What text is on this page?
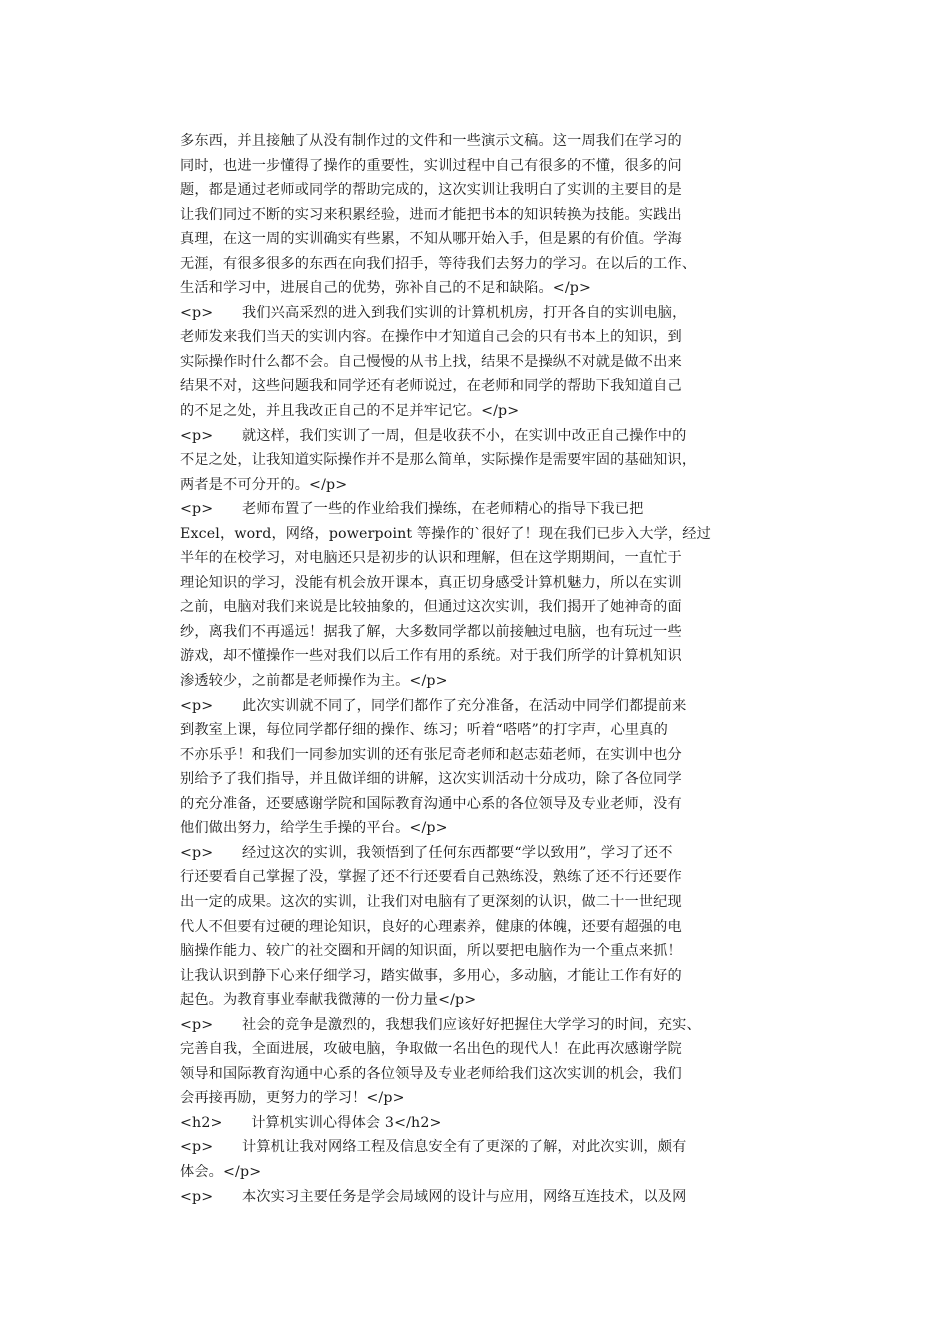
多东西，并且接触了从没有制作过的文件和一些演示文稿。这一周我们在学习的
同时，也进一步懂得了操作的重要性，实训过程中自己有很多的不懂，很多的问
题，都是通过老师或同学的帮助完成的，这次实训让我明白了实训的主要目的是
让我们同过不断的实习来积累经验，进而才能把书本的知识转换为技能。实践出
真理，在这一周的实训确实有些累，不知从哪开始入手，但是累的有价值。学海
无涯，有很多很多的东西在向我们招手，等待我们去努力的学习。在以后的工作、
生活和学习中，进展自己的优势，弥补自己的不足和缺陷。</p>
<p>　　我们兴高采烈的进入到我们实训的计算机机房，打开各自的实训电脑，
老师发来我们当天的实训内容。在操作中才知道自己会的只有书本上的知识，到
实际操作时什么都不会。自己慢慢的从书上找，结果不是操纵不对就是做不出来
结果不对，这些问题我和同学还有老师说过，在老师和同学的帮助下我知道自己
的不足之处，并且我改正自己的不足并牢记它。</p>
<p>　　就这样，我们实训了一周，但是收获不小，在实训中改正自己操作中的
不足之处，让我知道实际操作并不是那么简单，实际操作是需要牢固的基础知识，
两者是不可分开的。</p>
<p>　　老师布置了一些的作业给我们操练，在老师精心的指导下我已把
Excel，word，网络，powerpoint 等操作的`很好了！现在我们已步入大学，经过
半年的在校学习，对电脑还只是初步的认识和理解，但在这学期期间，一直忙于
理论知识的学习，没能有机会放开课本，真正切身感受计算机魅力，所以在实训
之前，电脑对我们来说是比较抽象的，但通过这次实训，我们揭开了她神奇的面
纱，离我们不再遥远！据我了解，大多数同学都以前接触过电脑，也有玩过一些
游戏，却不懂操作一些对我们以后工作有用的系统。对于我们所学的计算机知识
渗透较少，之前都是老师操作为主。</p>
<p>　　此次实训就不同了，同学们都作了充分准备，在活动中同学们都提前来
到教室上课，每位同学都仔细的操作、练习；听着“嗒嗒”的打字声，心里真的
不亦乐乎！和我们一同参加实训的还有张尼奇老师和赵志茹老师，在实训中也分
别给予了我们指导，并且做详细的讲解，这次实训活动十分成功，除了各位同学
的充分准备，还要感谢学院和国际教育沟通中心系的各位领导及专业老师，没有
他们做出努力，给学生手操的平台。</p>
<p>　　经过这次的实训，我领悟到了任何东西都要“学以致用”，学习了还不
行还要看自己掌握了没，掌握了还不行还要看自己熟练没，熟练了还不行还要作
出一定的成果。这次的实训，让我们对电脑有了更深刻的认识，做二十一世纪现
代人不但要有过硬的理论知识，良好的心理素养，健康的体魄，还要有超强的电
脑操作能力、较广的社交圈和开阔的知识面，所以要把电脑作为一个重点来抓！
让我认识到静下心来仔细学习，踏实做事，多用心，多动脑，才能让工作有好的
起色。为教育事业奉献我微薄的一份力量</p>
<p>　　社会的竞争是激烈的，我想我们应该好好把握住大学学习的时间，充实、
完善自我，全面进展，攻破电脑，争取做一名出色的现代人！在此再次感谢学院
领导和国际教育沟通中心系的各位领导及专业老师给我们这次实训的机会，我们
会再接再励，更努力的学习！</p>
<h2>　　计算机实训心得体会 3</h2>
<p>　　计算机让我对网络工程及信息安全有了更深的了解，对此次实训，颇有
体会。</p>
<p>　　本次实习主要任务是学会局域网的设计与应用，网络互连技术，以及网
